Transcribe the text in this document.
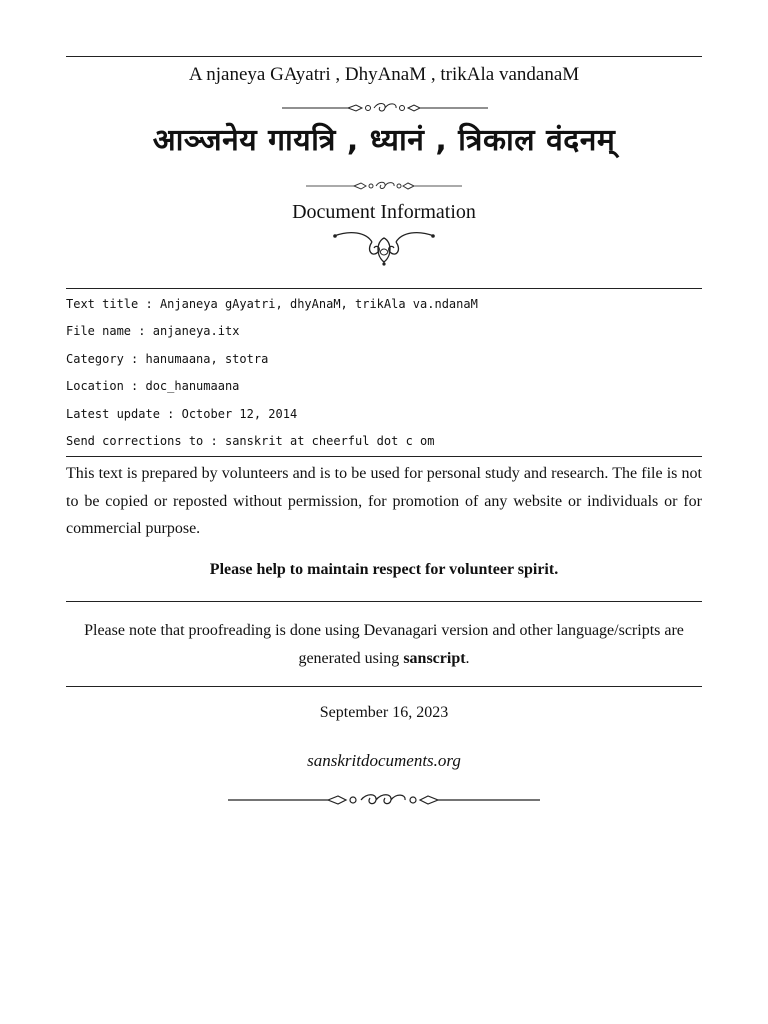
A njaneya GAyatri , DhyAnaM , trikAla vandanaM
आञ्जनेय गायत्रि , ध्यानं , त्रिकाल वंदनम्
Document Information
Text title : Anjaneya gAyatri, dhyAnaM, trikAla va.ndanaM
File name : anjaneya.itx
Category : hanumaana, stotra
Location : doc_hanumaana
Latest update : October 12, 2014
Send corrections to : sanskrit at cheerful dot c om
This text is prepared by volunteers and is to be used for personal study and research. The file is not to be copied or reposted without permission, for promotion of any website or individuals or for commercial purpose.
Please help to maintain respect for volunteer spirit.
Please note that proofreading is done using Devanagari version and other language/scripts are generated using sanscript.
September 16, 2023
sanskritdocuments.org
